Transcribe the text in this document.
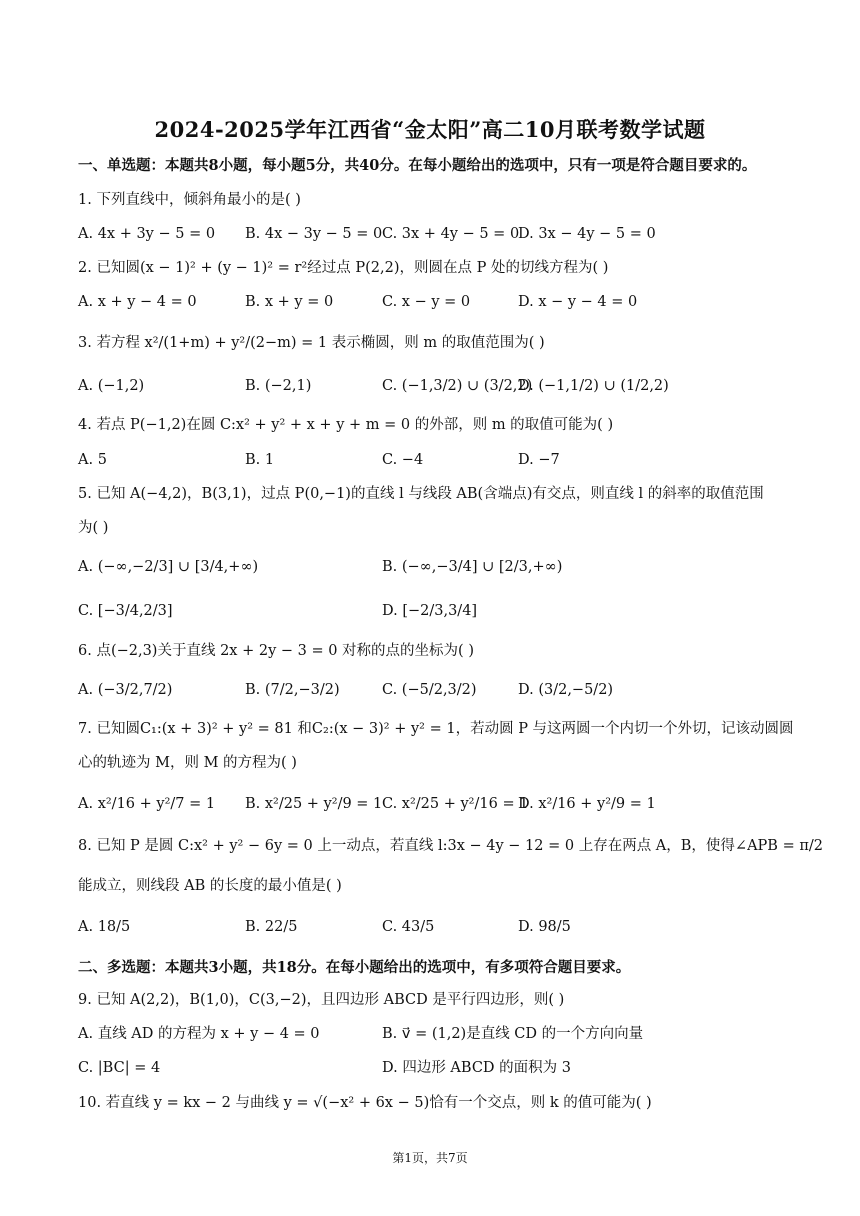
2024-2025学年江西省“金太阳”高二10月联考数学试题
一、单选题：本题共8小题，每小题5分，共40分。在每小题给出的选项中，只有一项是符合题目要求的。
1. 下列直线中，倾斜角最小的是( )
A. 4x + 3y − 5 = 0 B. 4x − 3y − 5 = 0 C. 3x + 4y − 5 = 0
D. 3x − 4y − 5 = 0
2. 已知圆(x − 1)² + (y − 1)² = r²经过点 P(2,2)，则圆在点 P 处的切线方程为( )
A. x + y − 4 = 0	B. x + y = 0	C. x − y = 0	D. x − y − 4 = 0
3. 若方程 x²/(1+m) + y²/(2−m) = 1 表示椭圆，则 m 的取值范围为( )
A. (−1,2)	B. (−2,1)	C. (−1,3/2) ∪ (3/2,2)
D. (−1,1/2) ∪ (1/2,2)
4. 若点 P(−1,2)在圆 C:x² + y² + x + y + m = 0 的外部，则 m 的取值可能为( )
A. 5	B. 1	C. −4	D. −7
5. 已知 A(−4,2)，B(3,1)，过点 P(0,−1)的直线 l 与线段 AB(含端点)有交点，则直线 l 的斜率的取值范围
为( )
A. (−∞,−2/3] ∪ [3/4,+∞)	B. (−∞,−3/4] ∪ [2/3,+∞)
C. [−3/4,2/3]	D. [−2/3,3/4]
6. 点(−2,3)关于直线 2x + 2y − 3 = 0 对称的点的坐标为( )
A. (−3/2,7/2)	B. (7/2,−3/2)	C. (−5/2,3/2)	D. (3/2,−5/2)
7. 已知圆C₁:(x + 3)² + y² = 81 和C₂:(x − 3)² + y² = 1，若动圆 P 与这两圆一个内切一个外切，记该动圆圆
心的轨迹为 M，则 M 的方程为( )
A. x²/16 + y²/7 = 1 B. x²/25 + y²/9 = 1 C. x²/25 + y²/16 = 1
D. x²/16 + y²/9 = 1
8. 已知 P 是圆 C:x² + y² − 6y = 0 上一动点，若直线 l:3x − 4y − 12 = 0 上存在两点 A，B，使得∠APB = π/2
能成立，则线段 AB 的长度的最小值是( )
A. 18/5	B. 22/5	C. 43/5	D. 98/5
二、多选题：本题共3小题，共18分。在每小题给出的选项中，有多项符合题目要求。
9. 已知 A(2,2)，B(1,0)，C(3,−2)，且四边形 ABCD 是平行四边形，则( )
A. 直线 AD 的方程为 x + y − 4 = 0	B. v⃗ = (1,2)是直线 CD 的一个方向向量
C. |BC| = 4	D. 四边形 ABCD 的面积为 3
10. 若直线 y = kx − 2 与曲线 y = √(−x² + 6x − 5)恰有一个交点，则 k 的值可能为( )
第1页，共7页
